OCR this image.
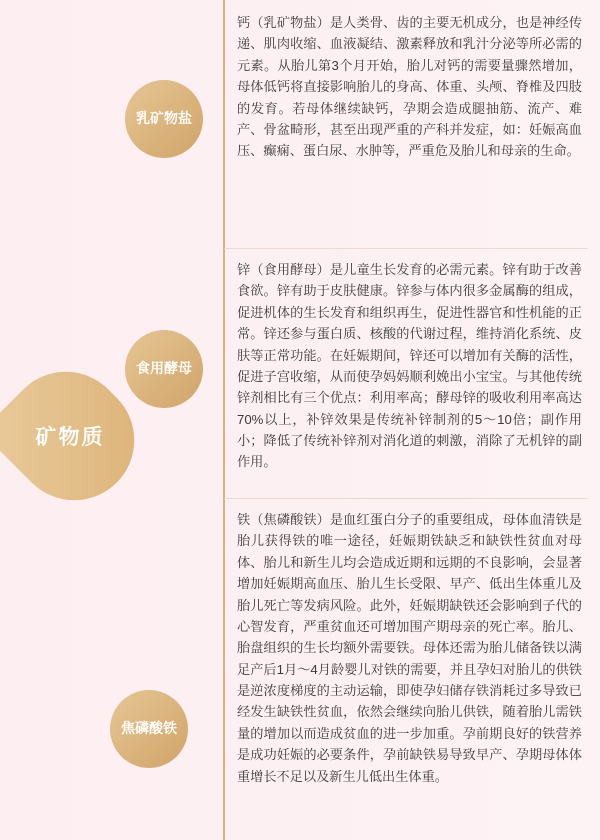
矿物质
乳矿物盐
食用酵母
焦磷酸铁

钙（乳矿物盐）是人类骨、齿的主要无机成分，也是神经传递、肌肉收缩、血液凝结、激素释放和乳汁分泌等所必需的元素。从胎儿第3个月开始，胎儿对钙的需要量骤然增加，母体低钙将直接影响胎儿的身高、体重、头颅、脊椎及四肢的发育。若母体继续缺钙，孕期会造成腿抽筋、流产、难产、骨盆畸形，甚至出现严重的产科并发症，如：妊娠高血压、癫痫、蛋白尿、水肿等，严重危及胎儿和母亲的生命。

锌（食用酵母）是儿童生长发育的必需元素。锌有助于改善食欲。锌有助于皮肤健康。锌参与体内很多金属酶的组成，促进机体的生长发育和组织再生，促进性器官和性机能的正常。锌还参与蛋白质、核酸的代谢过程，维持消化系统、皮肤等正常功能。在妊娠期间，锌还可以增加有关酶的活性，促进子宫收缩，从而使孕妈妈顺利娩出小宝宝。与其他传统锌剂相比有三个优点：利用率高；酵母锌的吸收利用率高达70%以上，补锌效果是传统补锌制剂的5～10倍；副作用小；降低了传统补锌剂对消化道的刺激，消除了无机锌的副作用。

铁（焦磷酸铁）是血红蛋白分子的重要组成，母体血清铁是胎儿获得铁的唯一途径，妊娠期铁缺乏和缺铁性贫血对母体、胎儿和新生儿均会造成近期和远期的不良影响，会显著增加妊娠期高血压、胎儿生长受限、早产、低出生体重儿及胎儿死亡等发病风险。此外，妊娠期缺铁还会影响到子代的心智发育，严重贫血还可增加围产期母亲的死亡率。胎儿、胎盘组织的生长均额外需要铁。母体还需为胎儿储备铁以满足产后1月～4月龄婴儿对铁的需要，并且孕妇对胎儿的供铁是逆浓度梯度的主动运输，即使孕妇储存铁消耗过多导致已经发生缺铁性贫血，依然会继续向胎儿供铁，随着胎儿需铁量的增加以而造成贫血的进一步加重。孕前期良好的铁营养是成功妊娠的必要条件，孕前缺铁易导致早产、孕期母体体重增长不足以及新生儿低出生体重。
